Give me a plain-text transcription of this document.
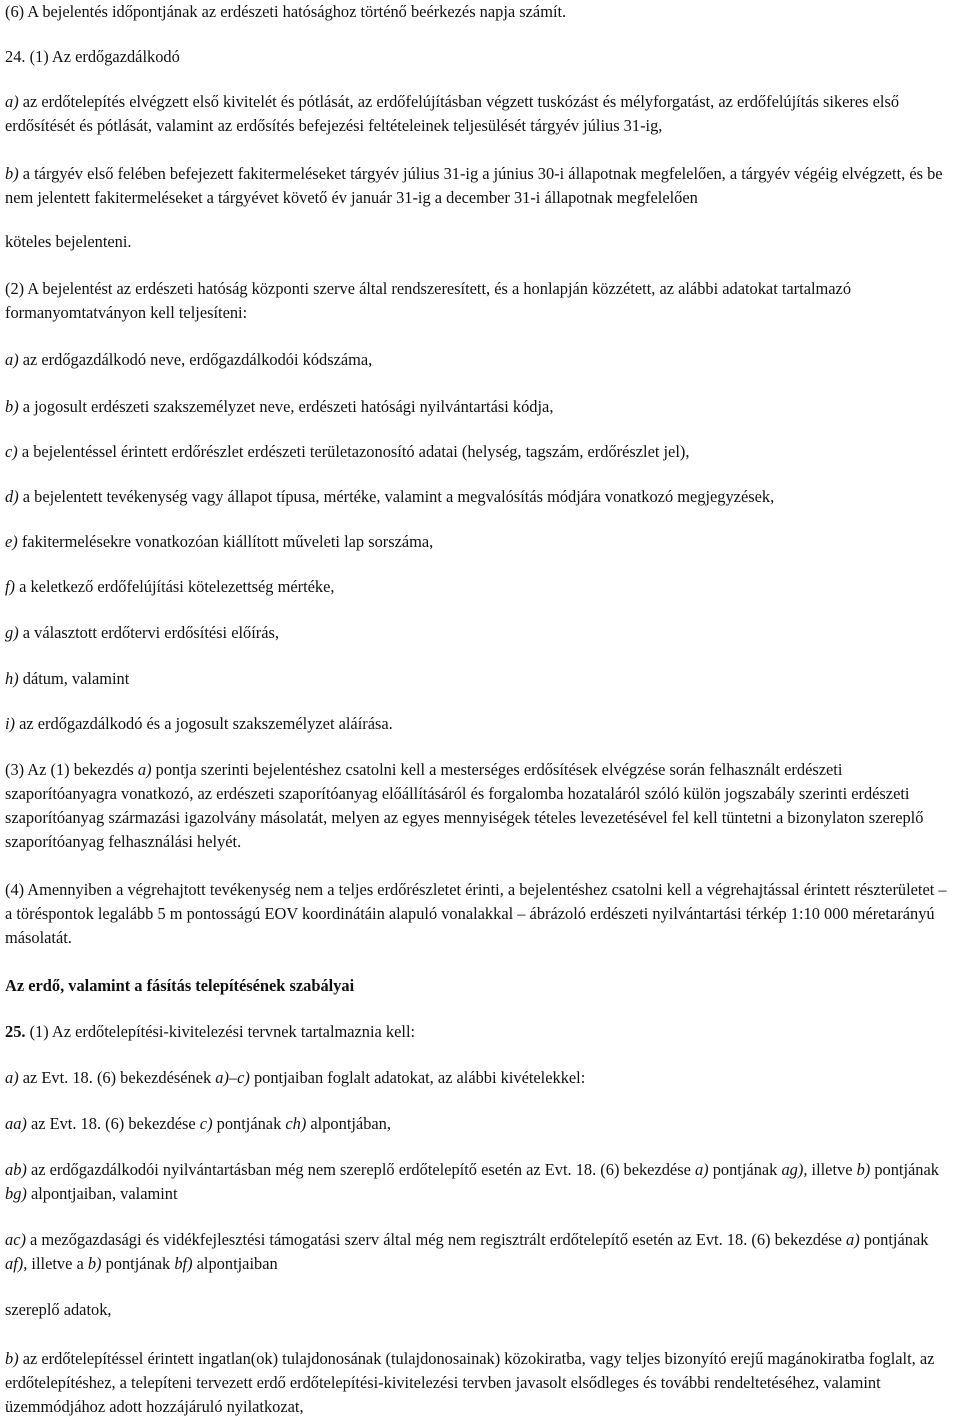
(6) A bejelentés időpontjának az erdészeti hatósághoz történő beérkezés napja számít.

24. (1) Az erdőgazdálkodó

a) az erdőtelepítés elvégzett első kivitelét és pótlását, az erdőfelújításban végzett tuskózást és mélyforgatást, az erdőfelújítás sikeres első erdősítését és pótlását, valamint az erdősítés befejezési feltételeinek teljesülését tárgyév július 31-ig,

b) a tárgyév első felében befejezett fakitermeléseket tárgyév július 31-ig a június 30-i állapotnak megfelelően, a tárgyév végéig elvégzett, és be nem jelentett fakitermeléseket a tárgyévet követő év január 31-ig a december 31-i állapotnak megfelelően

köteles bejelenteni.

(2) A bejelentést az erdészeti hatóság központi szerve által rendszeresített, és a honlapján közzétett, az alábbi adatokat tartalmazó formanyomtatványon kell teljesíteni:

a) az erdőgazdálkodó neve, erdőgazdálkodói kódszáma,

b) a jogosult erdészeti szakszemélyzet neve, erdészeti hatósági nyilvántartási kódja,

c) a bejelentéssel érintett erdőrészlet erdészeti területazonosító adatai (helység, tagszám, erdőrészlet jel),

d) a bejelentett tevékenység vagy állapot típusa, mértéke, valamint a megvalósítás módjára vonatkozó megjegyzések,

e) fakitermelésekre vonatkozóan kiállított műveleti lap sorszáma,

f) a keletkező erdőfelújítási kötelezettség mértéke,

g) a választott erdőtervi erdősítési előírás,

h) dátum, valamint

i) az erdőgazdálkodó és a jogosult szakszemélyzet aláírása.

(3) Az (1) bekezdés a) pontja szerinti bejelentéshez csatolni kell a mesterséges erdősítések elvégzése során felhasznált erdészeti szaporítóanyagra vonatkozó, az erdészeti szaporítóanyag előállításáról és forgalomba hozataláról szóló külön jogszabály szerinti erdészeti szaporítóanyag származási igazolvány másolatát, melyen az egyes mennyiségek tételes levezetésével fel kell tüntetni a bizonylaton szereplő szaporítóanyag felhasználási helyét.

(4) Amennyiben a végrehajtott tevékenység nem a teljes erdőrészletet érinti, a bejelentéshez csatolni kell a végrehajtással érintett részterületet – a töréspontok legalább 5 m pontosságú EOV koordinátáin alapuló vonalakkal – ábrázoló erdészeti nyilvántartási térkép 1:10 000 méretarányú másolatát.

Az erdő, valamint a fásítás telepítésének szabályai

25. (1) Az erdőtelepítési-kivitelezési tervnek tartalmaznia kell:

a) az Evt. 18. (6) bekezdésének a)–c) pontjaiban foglalt adatokat, az alábbi kivételekkel:

aa) az Evt. 18. (6) bekezdése c) pontjának ch) alpontjában,

ab) az erdőgazdálkodói nyilvántartásban még nem szereplő erdőtelepítő esetén az Evt. 18. (6) bekezdése a) pontjának ag), illetve b) pontjának bg) alpontjaiban, valamint

ac) a mezőgazdasági és vidékfejlesztési támogatási szerv által még nem regisztrált erdőtelepítő esetén az Evt. 18. (6) bekezdése a) pontjának af), illetve a b) pontjának bf) alpontjaiban

szereplő adatok,

b) az erdőtelepítéssel érintett ingatlan(ok) tulajdonosának (tulajdonosainak) közokiratba, vagy teljes bizonyító erejű magánokiratba foglalt, az erdőtelepítéshez, a telepíteni tervezett erdő erdőtelepítési-kivitelezési tervben javasolt elsődleges és további rendeltetéséhez, valamint üzemmódjához adott hozzájáruló nyilatkozat,
